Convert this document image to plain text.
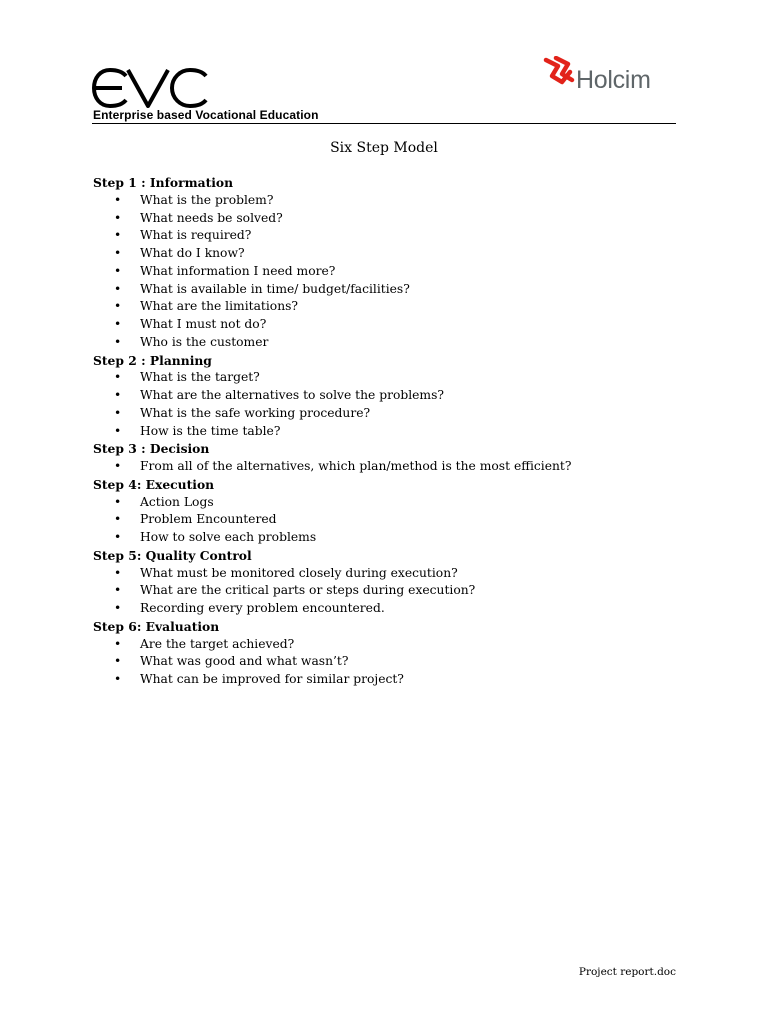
Enterprise based Vocational Education
Holcim
Six Step Model
Step 1 : Information
• What is the problem?
• What needs be solved?
• What is required?
• What do I know?
• What information I need more?
• What is available in time/ budget/facilities?
• What are the limitations?
• What I must not do?
• Who is the customer
Step 2 : Planning
• What is the target?
• What are the alternatives to solve the problems?
• What is the safe working procedure?
• How is the time table?
Step 3 : Decision
• From all of the alternatives, which plan/method is the most efficient?
Step 4: Execution
• Action Logs
• Problem Encountered
• How to solve each problems
Step 5: Quality Control
• What must be monitored closely during execution?
• What are the critical parts or steps during execution?
• Recording every problem encountered.
Step 6: Evaluation
• Are the target achieved?
• What was good and what wasn’t?
• What can be improved for similar project?
Project report.doc
